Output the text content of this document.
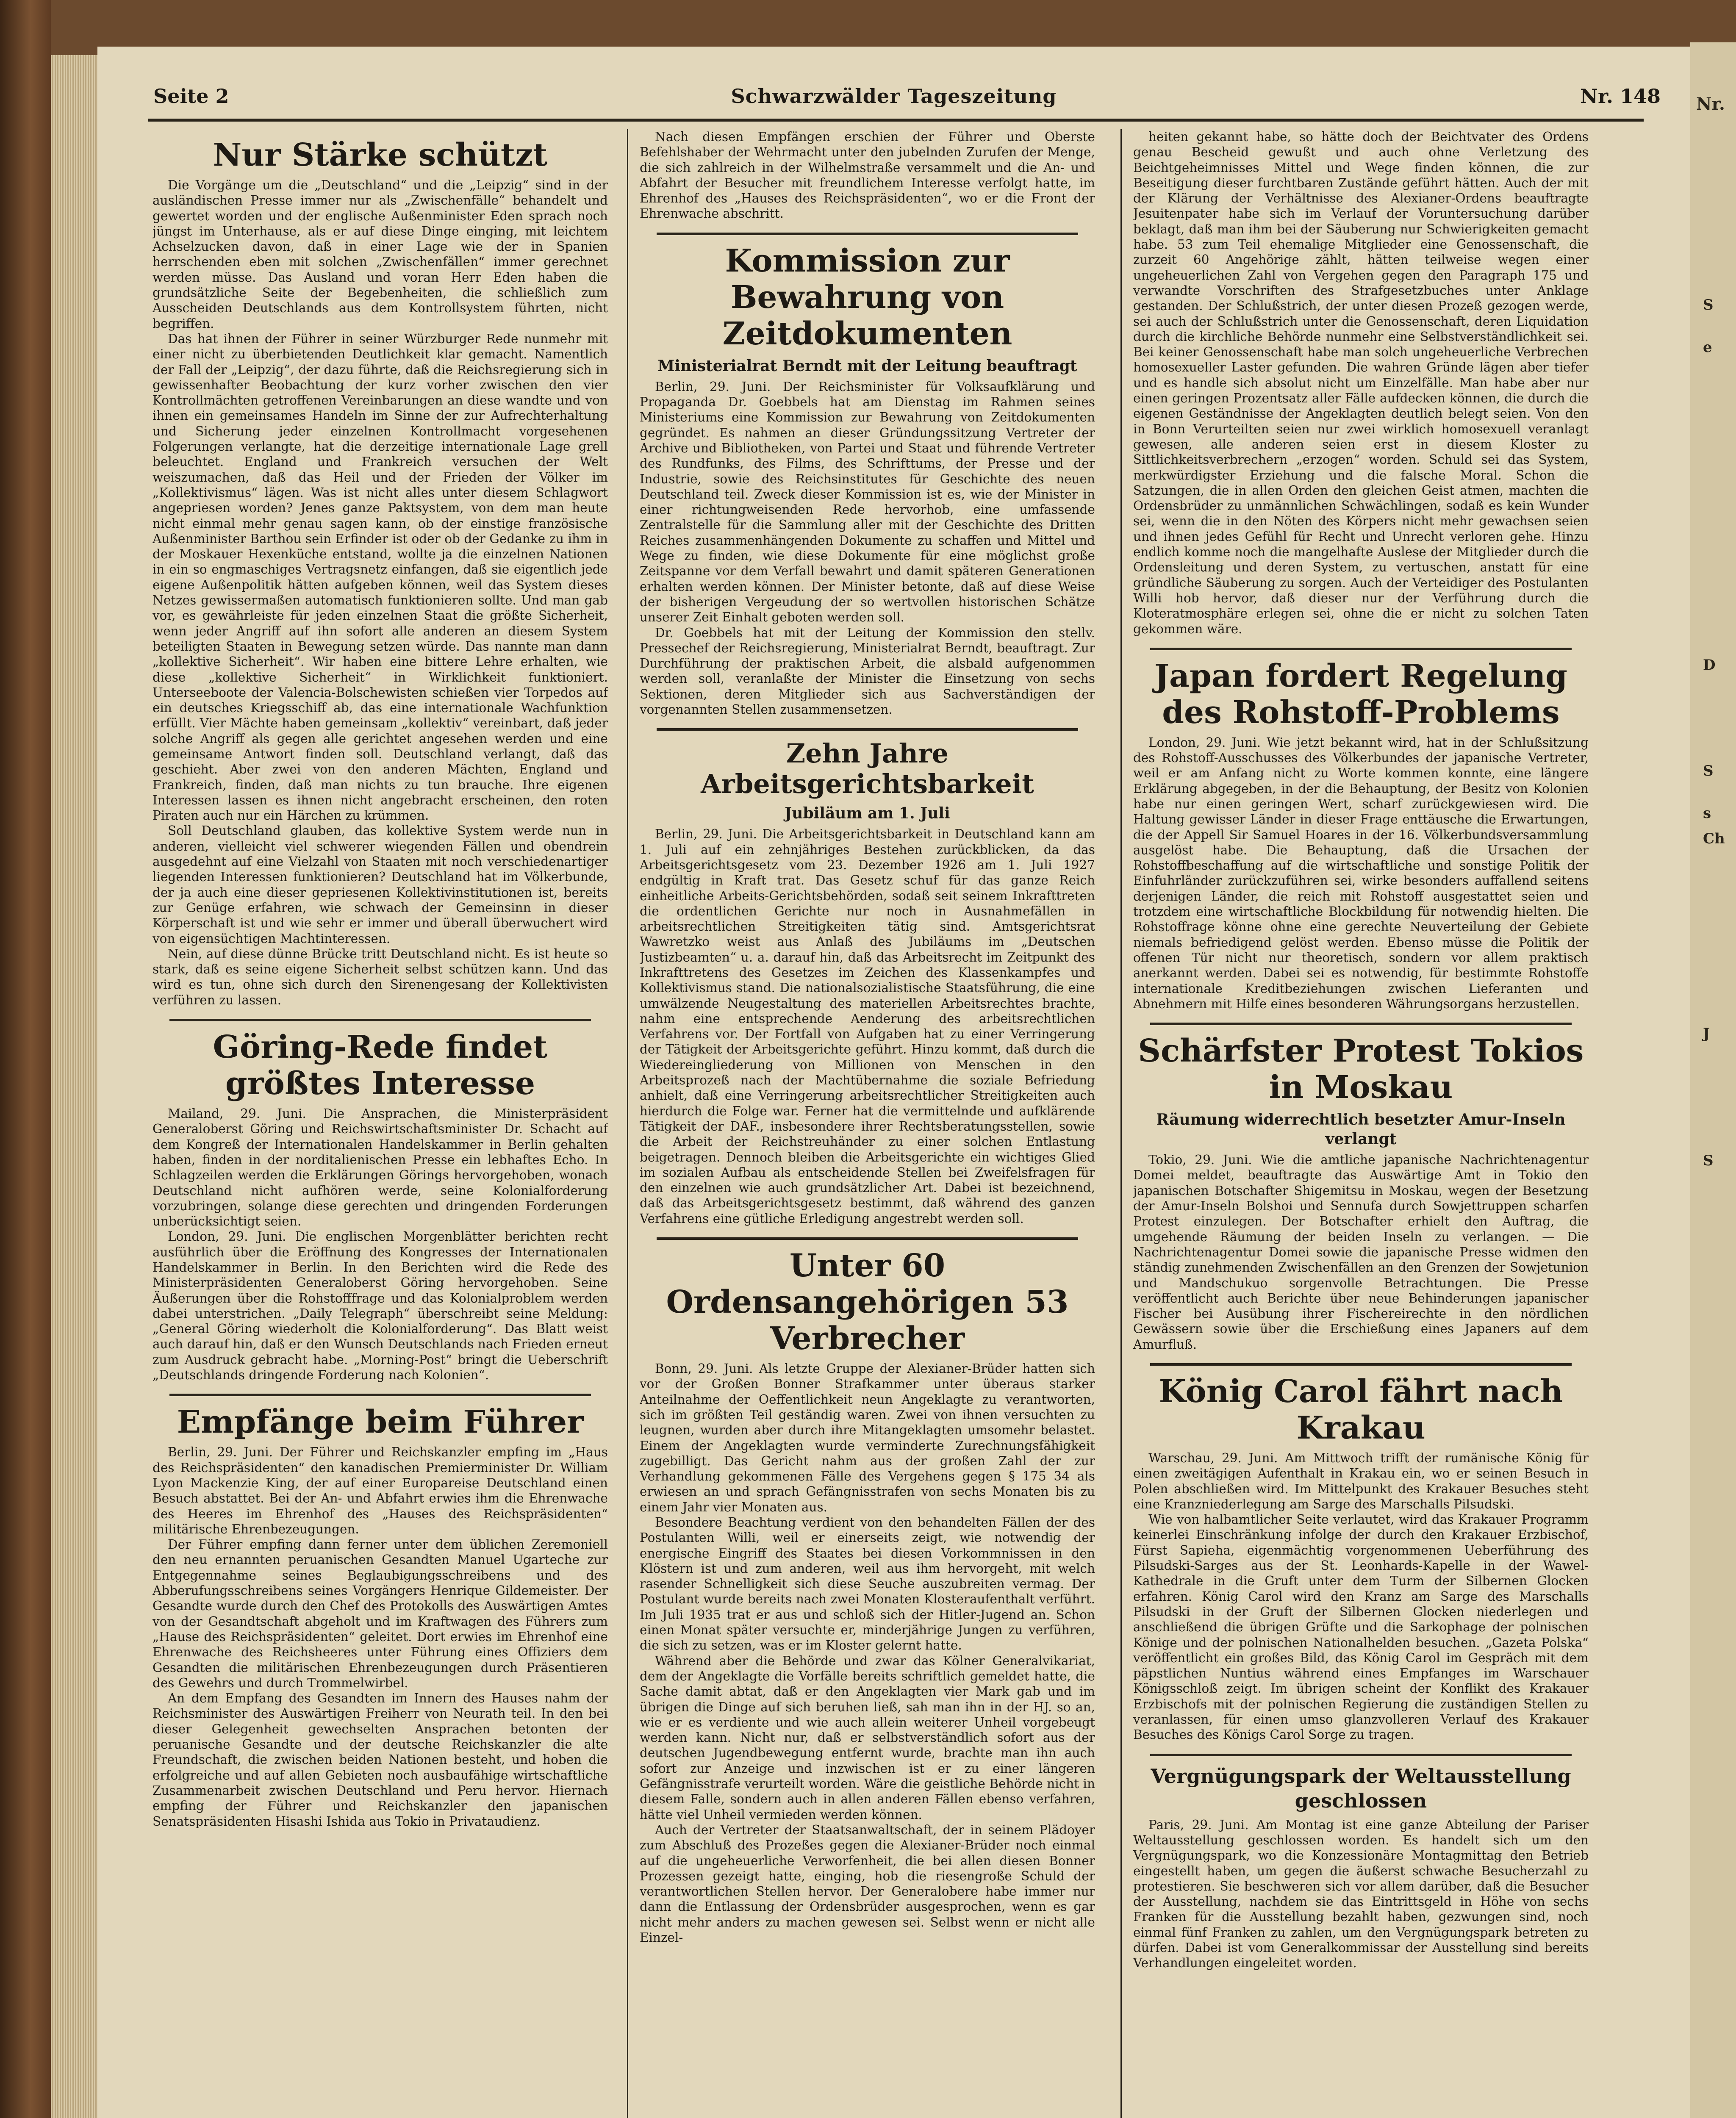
Schwarzwälder Tageszeitung
Seite 2	Nr. 148
Nur Stärke schützt

Die Vorgänge um die „Deutschland“ und die „Leipzig“ sind in der ausländischen Presse immer nur als „Zwischenfälle“ behandelt und gewertet worden und der englische Außenminister Eden sprach noch jüngst im Unterhause, als er auf diese Dinge einging, mit leichtem Achselzucken davon, daß in einer Lage wie der in Spanien herrschenden eben mit solchen „Zwischenfällen“ immer gerechnet werden müsse. Das Ausland und voran Herr Eden haben die grundsätzliche Seite der Begebenheiten, die schließlich zum Ausscheiden Deutschlands aus dem Kontrollsystem führten, nicht begriffen.

Das hat ihnen der Führer in seiner Würzburger Rede nunmehr mit einer nicht zu überbietenden Deutlichkeit klar gemacht. Namentlich der Fall der „Leipzig“, der dazu führte, daß die Reichsregierung sich in gewissenhafter Beobachtung der kurz vorher zwischen den vier Kontrollmächten getroffenen Vereinbarungen an diese wandte und von ihnen ein gemeinsames Handeln im Sinne der zur Aufrechterhaltung und Sicherung jeder einzelnen Kontrollmacht vorgesehenen Folgerungen verlangte, hat die derzeitige internationale Lage grell beleuchtet. England und Frankreich versuchen der Welt weiszumachen, daß das Heil und der Frieden der Völker im „Kollektivismus“ lägen. Was ist nicht alles unter diesem Schlagwort angepriesen worden? Jenes ganze Paktsystem, von dem man heute nicht einmal mehr genau sagen kann, ob der einstige französische Außenminister Barthou sein Erfinder ist oder ob der Gedanke zu ihm in der Moskauer Hexenküche entstand, wollte ja die einzelnen Nationen in ein so engmaschiges Vertragsnetz einfangen, daß sie eigentlich jede eigene Außenpolitik hätten aufgeben können, weil das System dieses Netzes gewissermaßen automatisch funktionieren sollte. Und man gab vor, es gewährleiste für jeden einzelnen Staat die größte Sicherheit, wenn jeder Angriff auf ihn sofort alle anderen an diesem System beteiligten Staaten in Bewegung setzen würde. Das nannte man dann „kollektive Sicherheit“. Wir haben eine bittere Lehre erhalten, wie diese „kollektive Sicherheit“ in Wirklichkeit funktioniert. Unterseeboote der Valencia-Bolschewisten schießen vier Torpedos auf ein deutsches Kriegsschiff ab, das eine internationale Wachfunktion erfüllt. Vier Mächte haben gemeinsam „kollektiv“ vereinbart, daß jeder solche Angriff als gegen alle gerichtet angesehen werden und eine gemeinsame Antwort finden soll. Deutschland verlangt, daß das geschieht. Aber zwei von den anderen Mächten, England und Frankreich, finden, daß man nichts zu tun brauche. Ihre eigenen Interessen lassen es ihnen nicht angebracht erscheinen, den roten Piraten auch nur ein Härchen zu krümmen.

Soll Deutschland glauben, das kollektive System werde nun in anderen, vielleicht viel schwerer wiegenden Fällen und obendrein ausgedehnt auf eine Vielzahl von Staaten mit noch verschiedenartiger liegenden Interessen funktionieren? Deutschland hat im Völkerbunde, der ja auch eine dieser gepriesenen Kollektivinstitutionen ist, bereits zur Genüge erfahren, wie schwach der Gemeinsinn in dieser Körperschaft ist und wie sehr er immer und überall überwuchert wird von eigensüchtigen Machtinteressen.

Nein, auf diese dünne Brücke tritt Deutschland nicht. Es ist heute so stark, daß es seine eigene Sicherheit selbst schützen kann. Und das wird es tun, ohne sich durch den Sirenengesang der Kollektivisten verführen zu lassen.

Göring-Rede findet größtes Interesse

Mailand, 29. Juni. Die Ansprachen, die Ministerpräsident Generaloberst Göring und Reichswirtschaftsminister Dr. Schacht auf dem Kongreß der Internationalen Handelskammer in Berlin gehalten haben, finden in der norditalienischen Presse ein lebhaftes Echo. In Schlagzeilen werden die Erklärungen Görings hervorgehoben, wonach Deutschland nicht aufhören werde, seine Kolonialforderung vorzubringen, solange diese gerechten und dringenden Forderungen unberücksichtigt seien.

London, 29. Juni. Die englischen Morgenblätter berichten recht ausführlich über die Eröffnung des Kongresses der Internationalen Handelskammer in Berlin. In den Berichten wird die Rede des Ministerpräsidenten Generaloberst Göring hervorgehoben. Seine Äußerungen über die Rohstofffrage und das Kolonialproblem werden dabei unterstrichen. „Daily Telegraph“ überschreibt seine Meldung: „General Göring wiederholt die Kolonialforderung“. Das Blatt weist auch darauf hin, daß er den Wunsch Deutschlands nach Frieden erneut zum Ausdruck gebracht habe. „Morning-Post“ bringt die Ueberschrift „Deutschlands dringende Forderung nach Kolonien“.

Empfänge beim Führer

Berlin, 29. Juni. Der Führer und Reichskanzler empfing im „Haus des Reichspräsidenten“ den kanadischen Premierminister Dr. William Lyon Mackenzie King, der auf einer Europareise Deutschland einen Besuch abstattet. Bei der An- und Abfahrt erwies ihm die Ehrenwache des Heeres im Ehrenhof des „Hauses des Reichspräsidenten“ militärische Ehrenbezeugungen.

Der Führer empfing dann ferner unter dem üblichen Zeremoniell den neu ernannten peruanischen Gesandten Manuel Ugarteche zur Entgegennahme seines Beglaubigungsschreibens und des Abberufungsschreibens seines Vorgängers Henrique Gildemeister. Der Gesandte wurde durch den Chef des Protokolls des Auswärtigen Amtes von der Gesandtschaft abgeholt und im Kraftwagen des Führers zum „Hause des Reichspräsidenten“ geleitet. Dort erwies im Ehrenhof eine Ehrenwache des Reichsheeres unter Führung eines Offiziers dem Gesandten die militärischen Ehrenbezeugungen durch Präsentieren des Gewehrs und durch Trommelwirbel.

An dem Empfang des Gesandten im Innern des Hauses nahm der Reichsminister des Auswärtigen Freiherr von Neurath teil. In den bei dieser Gelegenheit gewechselten Ansprachen betonten der peruanische Gesandte und der deutsche Reichskanzler die alte Freundschaft, die zwischen beiden Nationen besteht, und hoben die erfolgreiche und auf allen Gebieten noch ausbaufähige wirtschaftliche Zusammenarbeit zwischen Deutschland und Peru hervor. Hiernach empfing der Führer und Reichskanzler den japanischen Senatspräsidenten Hisashi Ishida aus Tokio in Privataudienz.

Nach diesen Empfängen erschien der Führer und Oberste Befehlshaber der Wehrmacht unter den jubelnden Zurufen der Menge, die sich zahlreich in der Wilhelmstraße versammelt und die An- und Abfahrt der Besucher mit freundlichem Interesse verfolgt hatte, im Ehrenhof des „Hauses des Reichspräsidenten“, wo er die Front der Ehrenwache abschritt.

Kommission zur Bewahrung von Zeitdokumenten
Ministerialrat Berndt mit der Leitung beauftragt

Berlin, 29. Juni. Der Reichsminister für Volksaufklärung und Propaganda Dr. Goebbels hat am Dienstag im Rahmen seines Ministeriums eine Kommission zur Bewahrung von Zeitdokumenten gegründet. Es nahmen an dieser Gründungssitzung Vertreter der Archive und Bibliotheken, von Partei und Staat und führende Vertreter des Rundfunks, des Films, des Schrifttums, der Presse und der Industrie, sowie des Reichsinstitutes für Geschichte des neuen Deutschland teil. Zweck dieser Kommission ist es, wie der Minister in einer richtungweisenden Rede hervorhob, eine umfassende Zentralstelle für die Sammlung aller mit der Geschichte des Dritten Reiches zusammenhängenden Dokumente zu schaffen und Mittel und Wege zu finden, wie diese Dokumente für eine möglichst große Zeitspanne vor dem Verfall bewahrt und damit späteren Generationen erhalten werden können. Der Minister betonte, daß auf diese Weise der bisherigen Vergeudung der so wertvollen historischen Schätze unserer Zeit Einhalt geboten werden soll.

Dr. Goebbels hat mit der Leitung der Kommission den stellv. Pressechef der Reichsregierung, Ministerialrat Berndt, beauftragt. Zur Durchführung der praktischen Arbeit, die alsbald aufgenommen werden soll, veranlaßte der Minister die Einsetzung von sechs Sektionen, deren Mitglieder sich aus Sachverständigen der vorgenannten Stellen zusammensetzen.

Zehn Jahre Arbeitsgerichtsbarkeit
Jubiläum am 1. Juli

Berlin, 29. Juni. Die Arbeitsgerichtsbarkeit in Deutschland kann am 1. Juli auf ein zehnjähriges Bestehen zurückblicken, da das Arbeitsgerichtsgesetz vom 23. Dezember 1926 am 1. Juli 1927 endgültig in Kraft trat. Das Gesetz schuf für das ganze Reich einheitliche Arbeits-Gerichtsbehörden, sodaß seit seinem Inkrafttreten die ordentlichen Gerichte nur noch in Ausnahmefällen in arbeitsrechtlichen Streitigkeiten tätig sind. Amtsgerichtsrat Wawretzko weist aus Anlaß des Jubiläums im „Deutschen Justizbeamten“ u. a. darauf hin, daß das Arbeitsrecht im Zeitpunkt des Inkrafttretens des Gesetzes im Zeichen des Klassenkampfes und Kollektivismus stand. Die nationalsozialistische Staatsführung, die eine umwälzende Neugestaltung des materiellen Arbeitsrechtes brachte, nahm eine entsprechende Aenderung des arbeitsrechtlichen Verfahrens vor. Der Fortfall von Aufgaben hat zu einer Verringerung der Tätigkeit der Arbeitsgerichte geführt. Hinzu kommt, daß durch die Wiedereingliederung von Millionen von Menschen in den Arbeitsprozeß nach der Machtübernahme die soziale Befriedung anhielt, daß eine Verringerung arbeitsrechtlicher Streitigkeiten auch hierdurch die Folge war. Ferner hat die vermittelnde und aufklärende Tätigkeit der DAF., insbesondere ihrer Rechtsberatungsstellen, sowie die Arbeit der Reichstreuhänder zu einer solchen Entlastung beigetragen. Dennoch bleiben die Arbeitsgerichte ein wichtiges Glied im sozialen Aufbau als entscheidende Stellen bei Zweifelsfragen für den einzelnen wie auch grundsätzlicher Art. Dabei ist bezeichnend, daß das Arbeitsgerichtsgesetz bestimmt, daß während des ganzen Verfahrens eine gütliche Erledigung angestrebt werden soll.

Unter 60 Ordensangehörigen 53 Verbrecher

Bonn, 29. Juni. Als letzte Gruppe der Alexianer-Brüder hatten sich vor der Großen Bonner Strafkammer unter überaus starker Anteilnahme der Oeffentlichkeit neun Angeklagte zu verantworten, sich im größten Teil geständig waren. Zwei von ihnen versuchten zu leugnen, wurden aber durch ihre Mitangeklagten umsomehr belastet. Einem der Angeklagten wurde verminderte Zurechnungsfähigkeit zugebilligt. Das Gericht nahm aus der großen Zahl der zur Verhandlung gekommenen Fälle des Vergehens gegen § 175 34 als erwiesen an und sprach Gefängnisstrafen von sechs Monaten bis zu einem Jahr vier Monaten aus.

Besondere Beachtung verdient von den behandelten Fällen der des Postulanten Willi, weil er einerseits zeigt, wie notwendig der energische Eingriff des Staates bei diesen Vorkommnissen in den Klöstern ist und zum anderen, weil aus ihm hervorgeht, mit welch rasender Schnelligkeit sich diese Seuche auszubreiten vermag. Der Postulant wurde bereits nach zwei Monaten Klosteraufenthalt verführt. Im Juli 1935 trat er aus und schloß sich der Hitler-Jugend an. Schon einen Monat später versuchte er, minderjährige Jungen zu verführen, die sich zu setzen, was er im Kloster gelernt hatte.

Während aber die Behörde und zwar das Kölner Generalvikariat, dem der Angeklagte die Vorfälle bereits schriftlich gemeldet hatte, die Sache damit abtat, daß er den Angeklagten vier Mark gab und im übrigen die Dinge auf sich beruhen ließ, sah man ihn in der HJ. so an, wie er es verdiente und wie auch allein weiterer Unheil vorgebeugt werden kann. Nicht nur, daß er selbstverständlich sofort aus der deutschen Jugendbewegung entfernt wurde, brachte man ihn auch sofort zur Anzeige und inzwischen ist er zu einer längeren Gefängnisstrafe verurteilt worden. Wäre die geistliche Behörde nicht in diesem Falle, sondern auch in allen anderen Fällen ebenso verfahren, hätte viel Unheil vermieden werden können.

Auch der Vertreter der Staatsanwaltschaft, der in seinem Plädoyer zum Abschluß des Prozeßes gegen die Alexianer-Brüder noch einmal auf die ungeheuerliche Verworfenheit, die bei allen diesen Bonner Prozessen gezeigt hatte, einging, hob die riesengroße Schuld der verantwortlichen Stellen hervor. Der Generalobere habe immer nur dann die Entlassung der Ordensbrüder ausgesprochen, wenn es gar nicht mehr anders zu machen gewesen sei. Selbst wenn er nicht alle Einzel-

heiten gekannt habe, so hätte doch der Beichtvater des Ordens genau Bescheid gewußt und auch ohne Verletzung des Beichtgeheimnisses Mittel und Wege finden können, die zur Beseitigung dieser furchtbaren Zustände geführt hätten. Auch der mit der Klärung der Verhältnisse des Alexianer-Ordens beauftragte Jesuitenpater habe sich im Verlauf der Voruntersuchung darüber beklagt, daß man ihm bei der Säuberung nur Schwierigkeiten gemacht habe. 53 zum Teil ehemalige Mitglieder eine Genossenschaft, die zurzeit 60 Angehörige zählt, hätten teilweise wegen einer ungeheuerlichen Zahl von Vergehen gegen den Paragraph 175 und verwandte Vorschriften des Strafgesetzbuches unter Anklage gestanden. Der Schlußstrich, der unter diesen Prozeß gezogen werde, sei auch der Schlußstrich unter die Genossenschaft, deren Liquidation durch die kirchliche Behörde nunmehr eine Selbstverständlichkeit sei. Bei keiner Genossenschaft habe man solch ungeheuerliche Verbrechen homosexueller Laster gefunden. Die wahren Gründe lägen aber tiefer und es handle sich absolut nicht um Einzelfälle. Man habe aber nur einen geringen Prozentsatz aller Fälle aufdecken können, die durch die eigenen Geständnisse der Angeklagten deutlich belegt seien. Von den in Bonn Verurteilten seien nur zwei wirklich homosexuell veranlagt gewesen, alle anderen seien erst in diesem Kloster zu Sittlichkeitsverbrechern „erzogen“ worden. Schuld sei das System, merkwürdigster Erziehung und die falsche Moral. Schon die Satzungen, die in allen Orden den gleichen Geist atmen, machten die Ordensbrüder zu unmännlichen Schwächlingen, sodaß es kein Wunder sei, wenn die in den Nöten des Körpers nicht mehr gewachsen seien und ihnen jedes Gefühl für Recht und Unrecht verloren gehe. Hinzu endlich komme noch die mangelhafte Auslese der Mitglieder durch die Ordensleitung und deren System, zu vertuschen, anstatt für eine gründliche Säuberung zu sorgen. Auch der Verteidiger des Postulanten Willi hob hervor, daß dieser nur der Verführung durch die Kloteratmosphäre erlegen sei, ohne die er nicht zu solchen Taten gekommen wäre.

Japan fordert Regelung des Rohstoff-Problems

London, 29. Juni. Wie jetzt bekannt wird, hat in der Schlußsitzung des Rohstoff-Ausschusses des Völkerbundes der japanische Vertreter, weil er am Anfang nicht zu Worte kommen konnte, eine längere Erklärung abgegeben, in der die Behauptung, der Besitz von Kolonien habe nur einen geringen Wert, scharf zurückgewiesen wird. Die Haltung gewisser Länder in dieser Frage enttäusche die Erwartungen, die der Appell Sir Samuel Hoares in der 16. Völkerbundsversammlung ausgelöst habe. Die Behauptung, daß die Ursachen der Rohstoffbeschaffung auf die wirtschaftliche und sonstige Politik der Einfuhrländer zurückzuführen sei, wirke besonders auffallend seitens derjenigen Länder, die reich mit Rohstoff ausgestattet seien und trotzdem eine wirtschaftliche Blockbildung für notwendig hielten. Die Rohstoffrage könne ohne eine gerechte Neuverteilung der Gebiete niemals befriedigend gelöst werden. Ebenso müsse die Politik der offenen Tür nicht nur theoretisch, sondern vor allem praktisch anerkannt werden. Dabei sei es notwendig, für bestimmte Rohstoffe internationale Kreditbeziehungen zwischen Lieferanten und Abnehmern mit Hilfe eines besonderen Währungsorgans herzustellen.

Schärfster Protest Tokios in Moskau
Räumung widerrechtlich besetzter Amur-Inseln verlangt

Tokio, 29. Juni. Wie die amtliche japanische Nachrichtenagentur Domei meldet, beauftragte das Auswärtige Amt in Tokio den japanischen Botschafter Shigemitsu in Moskau, wegen der Besetzung der Amur-Inseln Bolshoi und Sennufa durch Sowjettruppen scharfen Protest einzulegen. Der Botschafter erhielt den Auftrag, die umgehende Räumung der beiden Inseln zu verlangen. — Die Nachrichtenagentur Domei sowie die japanische Presse widmen den ständig zunehmenden Zwischenfällen an den Grenzen der Sowjetunion und Mandschukuo sorgenvolle Betrachtungen. Die Presse veröffentlicht auch Berichte über neue Behinderungen japanischer Fischer bei Ausübung ihrer Fischereirechte in den nördlichen Gewässern sowie über die Erschießung eines Japaners auf dem Amurfluß.

König Carol fährt nach Krakau

Warschau, 29. Juni. Am Mittwoch trifft der rumänische König für einen zweitägigen Aufenthalt in Krakau ein, wo er seinen Besuch in Polen abschließen wird. Im Mittelpunkt des Krakauer Besuches steht eine Kranzniederlegung am Sarge des Marschalls Pilsudski.

Wie von halbamtlicher Seite verlautet, wird das Krakauer Programm keinerlei Einschränkung infolge der durch den Krakauer Erzbischof, Fürst Sapieha, eigenmächtig vorgenommenen Ueberführung des Pilsudski-Sarges aus der St. Leonhards-Kapelle in der Wawel-Kathedrale in die Gruft unter dem Turm der Silbernen Glocken erfahren. König Carol wird den Kranz am Sarge des Marschalls Pilsudski in der Gruft der Silbernen Glocken niederlegen und anschließend die übrigen Grüfte und die Sarkophage der polnischen Könige und der polnischen Nationalhelden besuchen. „Gazeta Polska“ veröffentlicht ein großes Bild, das König Carol im Gespräch mit dem päpstlichen Nuntius während eines Empfanges im Warschauer Königsschloß zeigt. Im übrigen scheint der Konflikt des Krakauer Erzbischofs mit der polnischen Regierung die zuständigen Stellen zu veranlassen, für einen umso glanzvolleren Verlauf des Krakauer Besuches des Königs Carol Sorge zu tragen.

Vergnügungspark der Weltausstellung geschlossen

Paris, 29. Juni. Am Montag ist eine ganze Abteilung der Pariser Weltausstellung geschlossen worden. Es handelt sich um den Vergnügungspark, wo die Konzessionäre Montagmittag den Betrieb eingestellt haben, um gegen die äußerst schwache Besucherzahl zu protestieren. Sie beschweren sich vor allem darüber, daß die Besucher der Ausstellung, nachdem sie das Eintrittsgeld in Höhe von sechs Franken für die Ausstellung bezahlt haben, gezwungen sind, noch einmal fünf Franken zu zahlen, um den Vergnügungspark betreten zu dürfen. Dabei ist vom Generalkommissar der Ausstellung sind bereits Verhandlungen eingeleitet worden.

Nr.
S
e
D
S
s
Ch
J
S
